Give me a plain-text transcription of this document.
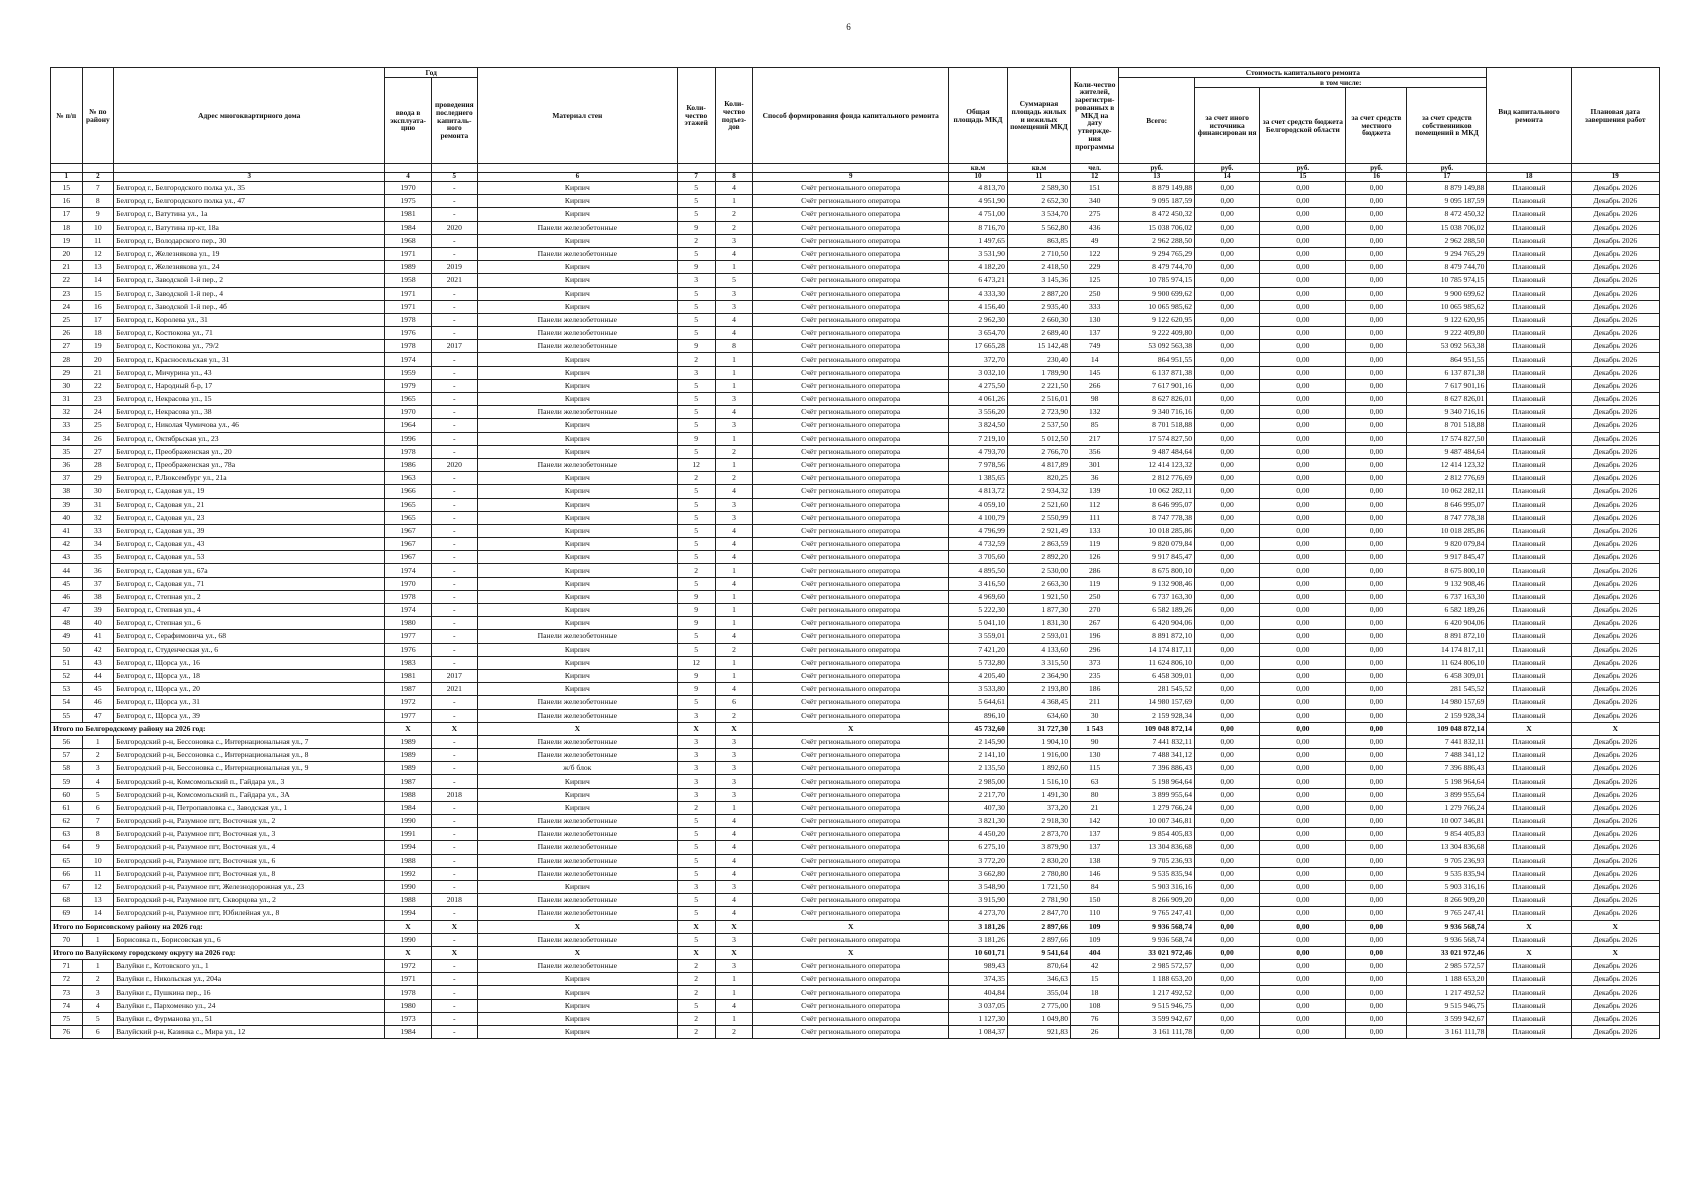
6
№ п/п	№ по району	Адрес многоквартирного дома	Год		Материал стен	Коли-чество этажей	Коли-чество подъез-дов	Способ формирования фонда капитального ремонта	Общая площадь МКД	Суммарная площадь жилых и нежилых помещений МКД	Коли-чество жителей, зарегистри-рованных в МКД на дату утвержде-ния программы	Стоимость капитального ремонта					Вид капитального ремонта	Плановая дата завершения работ
			ввода в эксплуата-цию	проведения последнего капиталь-ного ремонта								Всего:	в том числе:					
													за счет иного источника финансирован ия	за счет средств бюджета Белгородской области	за счет средств местного бюджета	за счет средств собственников помещений в МКД		
									кв.м	кв.м	чел.	руб.	руб.	руб.	руб.	руб.		
1	2	3	4	5	6	7	8	9	10	11	12	13	14	15	16	17	18	19
15	7	Белгород г., Белгородского полка ул., 35	1970	-	Кирпич	5	4	Счёт регионального оператора	4 813,70	2 589,30	151	8 879 149,88	0,00	0,00	0,00	8 879 149,88	Плановый	Декабрь 2026
16	8	Белгород г., Белгородского полка ул., 47	1975	-	Кирпич	5	1	Счёт регионального оператора	4 951,90	2 652,30	340	9 095 187,59	0,00	0,00	0,00	9 095 187,59	Плановый	Декабрь 2026
17	9	Белгород г., Ватутина ул., 1а	1981	-	Кирпич	5	2	Счёт регионального оператора	4 751,00	3 534,70	275	8 472 450,32	0,00	0,00	0,00	8 472 450,32	Плановый	Декабрь 2026
18	10	Белгород г., Ватутина пр-кт, 18а	1984	2020	Панели железобетонные	9	2	Счёт регионального оператора	8 716,70	5 562,80	436	15 038 706,02	0,00	0,00	0,00	15 038 706,02	Плановый	Декабрь 2026
19	11	Белгород г., Володарского пер., 30	1968	-	Кирпич	2	3	Счёт регионального оператора	1 497,65	863,85	49	2 962 288,50	0,00	0,00	0,00	2 962 288,50	Плановый	Декабрь 2026
20	12	Белгород г., Железнякова ул., 19	1971	-	Панели железобетонные	5	4	Счёт регионального оператора	3 531,90	2 710,50	122	9 294 765,29	0,00	0,00	0,00	9 294 765,29	Плановый	Декабрь 2026
21	13	Белгород г., Железнякова ул., 24	1989	2019	Кирпич	9	1	Счёт регионального оператора	4 182,20	2 418,50	229	8 479 744,70	0,00	0,00	0,00	8 479 744,70	Плановый	Декабрь 2026
22	14	Белгород г., Заводской 1-й пер., 2	1958	2021	Кирпич	3	5	Счёт регионального оператора	6 473,21	3 145,36	125	10 785 974,15	0,00	0,00	0,00	10 785 974,15	Плановый	Декабрь 2026
23	15	Белгород г., Заводской 1-й пер., 4	1971	-	Кирпич	5	3	Счёт регионального оператора	4 333,30	2 887,20	250	9 900 699,62	0,00	0,00	0,00	9 900 699,62	Плановый	Декабрь 2026
24	16	Белгород г., Заводской 1-й пер., 4б	1971	-	Кирпич	5	3	Счёт регионального оператора	4 156,40	2 935,40	333	10 065 985,62	0,00	0,00	0,00	10 065 985,62	Плановый	Декабрь 2026
25	17	Белгород г., Королева ул., 31	1978	-	Панели железобетонные	5	4	Счёт регионального оператора	2 962,30	2 660,30	130	9 122 620,95	0,00	0,00	0,00	9 122 620,95	Плановый	Декабрь 2026
26	18	Белгород г., Костюкова ул., 71	1976	-	Панели железобетонные	5	4	Счёт регионального оператора	3 654,70	2 689,40	137	9 222 409,80	0,00	0,00	0,00	9 222 409,80	Плановый	Декабрь 2026
27	19	Белгород г., Костюкова ул., 79/2	1978	2017	Панели железобетонные	9	8	Счёт регионального оператора	17 665,28	15 142,48	749	53 092 563,38	0,00	0,00	0,00	53 092 563,38	Плановый	Декабрь 2026
28	20	Белгород г., Красносельская ул., 31	1974	-	Кирпич	2	1	Счёт регионального оператора	372,70	230,40	14	864 951,55	0,00	0,00	0,00	864 951,55	Плановый	Декабрь 2026
29	21	Белгород г., Мичурина ул., 43	1959	-	Кирпич	3	1	Счёт регионального оператора	3 032,10	1 789,90	145	6 137 871,38	0,00	0,00	0,00	6 137 871,38	Плановый	Декабрь 2026
30	22	Белгород г., Народный б-р, 17	1979	-	Кирпич	5	1	Счёт регионального оператора	4 275,50	2 221,50	266	7 617 901,16	0,00	0,00	0,00	7 617 901,16	Плановый	Декабрь 2026
31	23	Белгород г., Некрасова ул., 15	1965	-	Кирпич	5	3	Счёт регионального оператора	4 061,26	2 516,01	98	8 627 826,01	0,00	0,00	0,00	8 627 826,01	Плановый	Декабрь 2026
32	24	Белгород г., Некрасова ул., 38	1970	-	Панели железобетонные	5	4	Счёт регионального оператора	3 556,20	2 723,90	132	9 340 716,16	0,00	0,00	0,00	9 340 716,16	Плановый	Декабрь 2026
33	25	Белгород г., Николая Чумичова ул., 46	1964	-	Кирпич	5	3	Счёт регионального оператора	3 824,50	2 537,50	85	8 701 518,88	0,00	0,00	0,00	8 701 518,88	Плановый	Декабрь 2026
34	26	Белгород г., Октябрьская ул., 23	1996	-	Кирпич	9	1	Счёт регионального оператора	7 219,10	5 012,50	217	17 574 827,50	0,00	0,00	0,00	17 574 827,50	Плановый	Декабрь 2026
35	27	Белгород г., Преображенская ул., 20	1978	-	Кирпич	5	2	Счёт регионального оператора	4 793,70	2 766,70	356	9 487 484,64	0,00	0,00	0,00	9 487 484,64	Плановый	Декабрь 2026
36	28	Белгород г., Преображенская ул., 78а	1986	2020	Панели железобетонные	12	1	Счёт регионального оператора	7 978,56	4 817,89	301	12 414 123,32	0,00	0,00	0,00	12 414 123,32	Плановый	Декабрь 2026
37	29	Белгород г., Р.Люксембург ул., 21а	1963	-	Кирпич	2	2	Счёт регионального оператора	1 385,65	820,25	36	2 812 776,69	0,00	0,00	0,00	2 812 776,69	Плановый	Декабрь 2026
38	30	Белгород г., Садовая ул., 19	1966	-	Кирпич	5	4	Счёт регионального оператора	4 813,72	2 934,32	139	10 062 282,11	0,00	0,00	0,00	10 062 282,11	Плановый	Декабрь 2026
39	31	Белгород г., Садовая ул., 21	1965	-	Кирпич	5	3	Счёт регионального оператора	4 059,10	2 521,60	112	8 646 995,07	0,00	0,00	0,00	8 646 995,07	Плановый	Декабрь 2026
40	32	Белгород г., Садовая ул., 23	1965	-	Кирпич	5	3	Счёт регионального оператора	4 100,79	2 550,99	111	8 747 778,38	0,00	0,00	0,00	8 747 778,38	Плановый	Декабрь 2026
41	33	Белгород г., Садовая ул., 39	1967	-	Кирпич	5	4	Счёт регионального оператора	4 796,99	2 921,49	133	10 018 285,86	0,00	0,00	0,00	10 018 285,86	Плановый	Декабрь 2026
42	34	Белгород г., Садовая ул., 43	1967	-	Кирпич	5	4	Счёт регионального оператора	4 732,59	2 863,59	119	9 820 079,84	0,00	0,00	0,00	9 820 079,84	Плановый	Декабрь 2026
43	35	Белгород г., Садовая ул., 53	1967	-	Кирпич	5	4	Счёт регионального оператора	3 705,60	2 892,20	126	9 917 845,47	0,00	0,00	0,00	9 917 845,47	Плановый	Декабрь 2026
44	36	Белгород г., Садовая ул., 67а	1974	-	Кирпич	2	1	Счёт регионального оператора	4 895,50	2 530,00	286	8 675 800,10	0,00	0,00	0,00	8 675 800,10	Плановый	Декабрь 2026
45	37	Белгород г., Садовая ул., 71	1970	-	Кирпич	5	4	Счёт регионального оператора	3 416,50	2 663,30	119	9 132 908,46	0,00	0,00	0,00	9 132 908,46	Плановый	Декабрь 2026
46	38	Белгород г., Степная ул., 2	1978	-	Кирпич	9	1	Счёт регионального оператора	4 969,60	1 921,50	250	6 737 163,30	0,00	0,00	0,00	6 737 163,30	Плановый	Декабрь 2026
47	39	Белгород г., Степная ул., 4	1974	-	Кирпич	9	1	Счёт регионального оператора	5 222,30	1 877,30	270	6 582 189,26	0,00	0,00	0,00	6 582 189,26	Плановый	Декабрь 2026
48	40	Белгород г., Степная ул., 6	1980	-	Кирпич	9	1	Счёт регионального оператора	5 041,10	1 831,30	267	6 420 904,06	0,00	0,00	0,00	6 420 904,06	Плановый	Декабрь 2026
49	41	Белгород г., Серафимовича ул., 68	1977	-	Панели железобетонные	5	4	Счёт регионального оператора	3 559,01	2 593,01	196	8 891 872,10	0,00	0,00	0,00	8 891 872,10	Плановый	Декабрь 2026
50	42	Белгород г., Студенческая ул., 6	1976	-	Кирпич	5	2	Счёт регионального оператора	7 421,20	4 133,60	296	14 174 817,11	0,00	0,00	0,00	14 174 817,11	Плановый	Декабрь 2026
51	43	Белгород г., Щорса ул., 16	1983	-	Кирпич	12	1	Счёт регионального оператора	5 732,80	3 315,50	373	11 624 806,10	0,00	0,00	0,00	11 624 806,10	Плановый	Декабрь 2026
52	44	Белгород г., Щорса ул., 18	1981	2017	Кирпич	9	1	Счёт регионального оператора	4 205,40	2 364,90	235	6 458 309,01	0,00	0,00	0,00	6 458 309,01	Плановый	Декабрь 2026
53	45	Белгород г., Щорса ул., 20	1987	2021	Кирпич	9	4	Счёт регионального оператора	3 533,80	2 193,80	186	281 545,52	0,00	0,00	0,00	281 545,52	Плановый	Декабрь 2026
54	46	Белгород г., Щорса ул., 31	1972	-	Панели железобетонные	5	6	Счёт регионального оператора	5 644,61	4 368,45	211	14 980 157,69	0,00	0,00	0,00	14 980 157,69	Плановый	Декабрь 2026
55	47	Белгород г., Щорса ул., 39	1977	-	Панели железобетонные	3	2	Счёт регионального оператора	896,10	634,60	30	2 159 928,34	0,00	0,00	0,00	2 159 928,34	Плановый	Декабрь 2026
Итого по Белгородскому району на 2026 год:			X	X	X	X	X	X	45 732,60	31 727,30	1 543	109 048 872,14	0,00	0,00	0,00	109 048 872,14	X	X
56	1	Белгородский р-н, Бессоновка с., Интернациональная ул., 7	1989	-	Панели железобетонные	3	3	Счёт регионального оператора	2 145,90	1 904,10	90	7 441 832,11	0,00	0,00	0,00	7 441 832,11	Плановый	Декабрь 2026
57	2	Белгородский р-н, Бессоновка с., Интернациональная ул., 8	1989	-	Панели железобетонные	3	3	Счёт регионального оператора	2 141,10	1 916,00	130	7 488 341,12	0,00	0,00	0,00	7 488 341,12	Плановый	Декабрь 2026
58	3	Белгородский р-н, Бессоновка с., Интернациональная ул., 9	1989	-	ж/б блок	3	3	Счёт регионального оператора	2 135,50	1 892,60	115	7 396 886,43	0,00	0,00	0,00	7 396 886,43	Плановый	Декабрь 2026
59	4	Белгородский р-н, Комсомольский п., Гайдара ул., 3	1987	-	Кирпич	3	3	Счёт регионального оператора	2 985,00	1 516,10	63	5 198 964,64	0,00	0,00	0,00	5 198 964,64	Плановый	Декабрь 2026
60	5	Белгородский р-н, Комсомольский п., Гайдара ул., 3А	1988	2018	Кирпич	3	3	Счёт регионального оператора	2 217,70	1 491,30	80	3 899 955,64	0,00	0,00	0,00	3 899 955,64	Плановый	Декабрь 2026
61	6	Белгородский р-н, Петропавловка с., Заводская ул., 1	1984	-	Кирпич	2	1	Счёт регионального оператора	407,30	373,20	21	1 279 766,24	0,00	0,00	0,00	1 279 766,24	Плановый	Декабрь 2026
62	7	Белгородский р-н, Разумное пгт, Восточная ул., 2	1990	-	Панели железобетонные	5	4	Счёт регионального оператора	3 821,30	2 918,30	142	10 007 346,81	0,00	0,00	0,00	10 007 346,81	Плановый	Декабрь 2026
63	8	Белгородский р-н, Разумное пгт, Восточная ул., 3	1991	-	Панели железобетонные	5	4	Счёт регионального оператора	4 450,20	2 873,70	137	9 854 405,83	0,00	0,00	0,00	9 854 405,83	Плановый	Декабрь 2026
64	9	Белгородский р-н, Разумное пгт, Восточная ул., 4	1994	-	Панели железобетонные	5	4	Счёт регионального оператора	6 275,10	3 879,90	137	13 304 836,68	0,00	0,00	0,00	13 304 836,68	Плановый	Декабрь 2026
65	10	Белгородский р-н, Разумное пгт, Восточная ул., 6	1988	-	Панели железобетонные	5	4	Счёт регионального оператора	3 772,20	2 830,20	138	9 705 236,93	0,00	0,00	0,00	9 705 236,93	Плановый	Декабрь 2026
66	11	Белгородский р-н, Разумное пгт, Восточная ул., 8	1992	-	Панели железобетонные	5	4	Счёт регионального оператора	3 662,80	2 780,80	146	9 535 835,94	0,00	0,00	0,00	9 535 835,94	Плановый	Декабрь 2026
67	12	Белгородский р-н, Разумное пгт, Железнодорожная ул., 23	1990	-	Кирпич	3	3	Счёт регионального оператора	3 548,90	1 721,50	84	5 903 316,16	0,00	0,00	0,00	5 903 316,16	Плановый	Декабрь 2026
68	13	Белгородский р-н, Разумное пгт, Скворцова ул., 2	1988	2018	Панели железобетонные	5	4	Счёт регионального оператора	3 915,90	2 781,90	150	8 266 909,20	0,00	0,00	0,00	8 266 909,20	Плановый	Декабрь 2026
69	14	Белгородский р-н, Разумное пгт, Юбилейная ул., 8	1994	-	Панели железобетонные	5	4	Счёт регионального оператора	4 273,70	2 847,70	110	9 765 247,41	0,00	0,00	0,00	9 765 247,41	Плановый	Декабрь 2026
Итого по Борисовскому району на 2026 год:			X	X	X	X	X	X	3 181,26	2 897,66	109	9 936 568,74	0,00	0,00	0,00	9 936 568,74	X	X
70	1	Борисовка п., Борисовская ул., 6	1990	-	Панели железобетонные	5	3	Счёт регионального оператора	3 181,26	2 897,66	109	9 936 568,74	0,00	0,00	0,00	9 936 568,74	Плановый	Декабрь 2026
Итого по Валуйскому городскому округу на 2026 год:			X	X	X	X	X	X	10 601,71	9 541,64	404	33 021 972,46	0,00	0,00	0,00	33 021 972,46	X	X
71	1	Валуйки г., Котовского ул., 1	1972	-	Панели железобетонные	2	3	Счёт регионального оператора	989,43	870,64	42	2 985 572,57	0,00	0,00	0,00	2 985 572,57	Плановый	Декабрь 2026
72	2	Валуйки г., Никольская ул., 204а	1971	-	Кирпич	2	1	Счёт регионального оператора	374,35	346,63	15	1 188 653,20	0,00	0,00	0,00	1 188 653,20	Плановый	Декабрь 2026
73	3	Валуйки г., Пушкина пер., 16	1978	-	Кирпич	2	1	Счёт регионального оператора	404,84	355,04	18	1 217 492,52	0,00	0,00	0,00	1 217 492,52	Плановый	Декабрь 2026
74	4	Валуйки г., Пархоменко ул., 24	1980	-	Кирпич	5	4	Счёт регионального оператора	3 037,05	2 775,00	108	9 515 946,75	0,00	0,00	0,00	9 515 946,75	Плановый	Декабрь 2026
75	5	Валуйки г., Фурманова ул., 51	1973	-	Кирпич	2	1	Счёт регионального оператора	1 127,30	1 049,80	76	3 599 942,67	0,00	0,00	0,00	3 599 942,67	Плановый	Декабрь 2026
76	6	Валуйский р-н, Казинка с., Мира ул., 12	1984	-	Кирпич	2	2	Счёт регионального оператора	1 084,37	921,83	26	3 161 111,78	0,00	0,00	0,00	3 161 111,78	Плановый	Декабрь 2026
